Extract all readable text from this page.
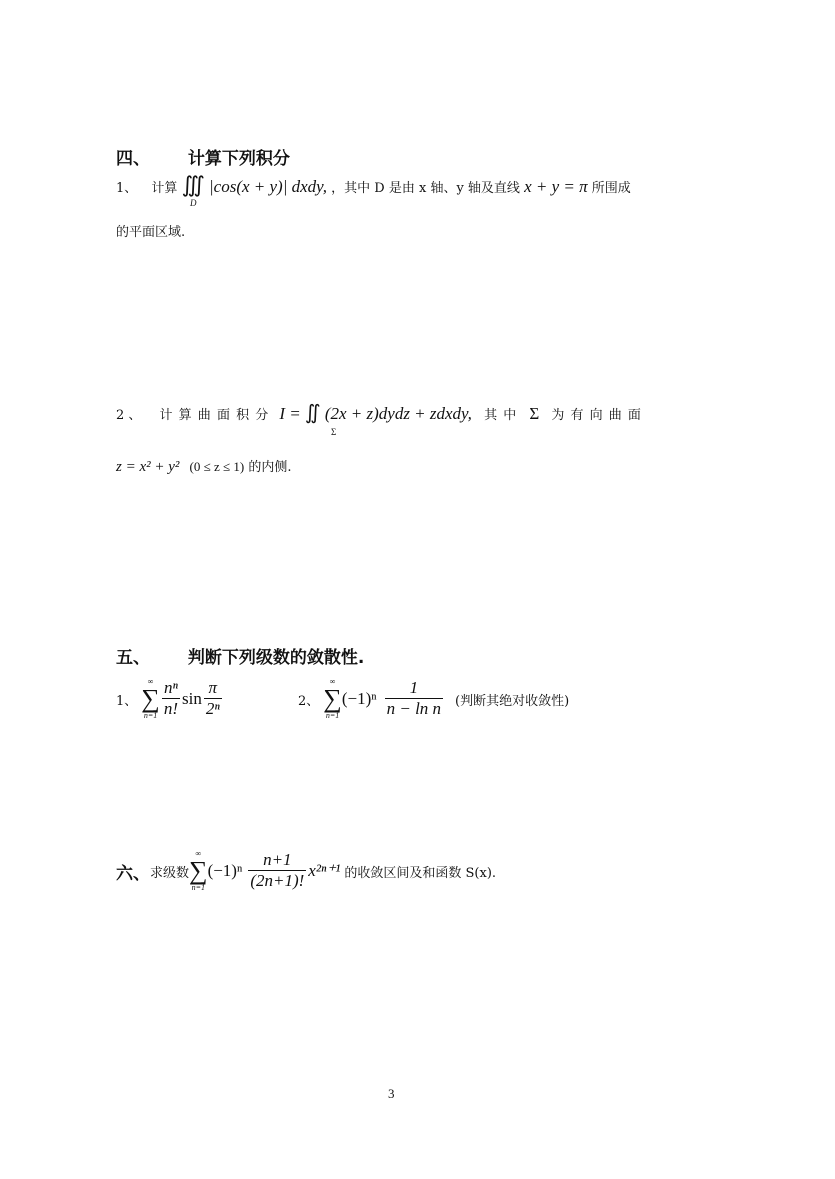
四、 计算下列积分
1、 计算 ∭ |cos(x + y)| dxdy, ，其中 D 是由 x 轴、y 轴及直线 x + y = π 所围成
D
的平面区域.
2 、 计 算 曲 面 积 分 I = ∬ (2x + z)dydz + zdxdy, 其 中 Σ 为 有 向 曲 面
Σ
z = x² + y² (0 ≤ z ≤ 1) 的内侧.
五、 判断下列级数的敛散性.
1、
∞
∑
$n=1 \frac{\text{nⁿ}}{n!}$ $\sin \frac{\pi}{\text{2ⁿ}}$	2、
∞
∑
n=1
$(-1)^n \frac{1}{\text{n − ln n}}$ (判断其绝对收敛性)
六、 求级数
∞
∑
n=1
$(-1)^n \frac{n+1}{(2n+1)!} x^{2n+1}$ 的收敛区间及和函数 S(x).
3
